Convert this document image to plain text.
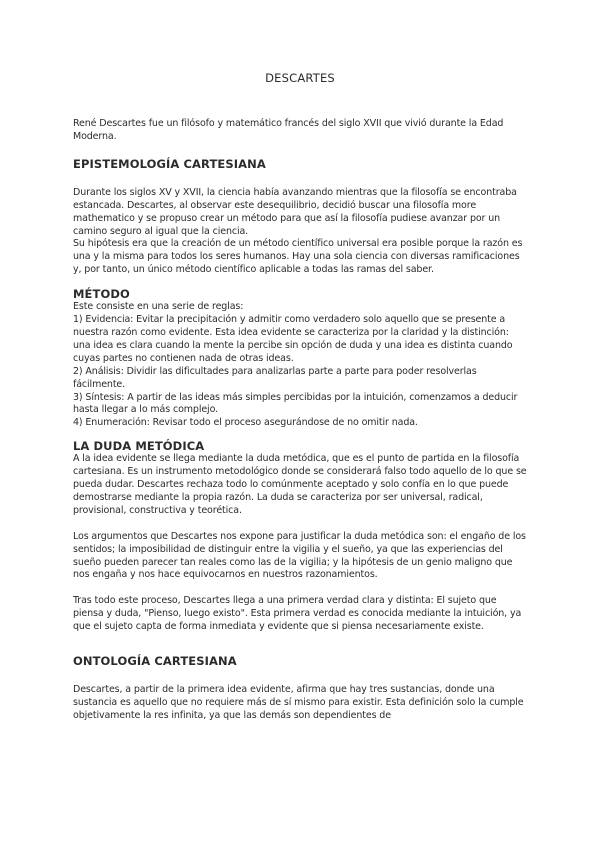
DESCARTES

René Descartes fue un filósofo y matemático francés del siglo XVII que vivió durante la Edad Moderna.

EPISTEMOLOGÍA CARTESIANA

Durante los siglos XV y XVII, la ciencia había avanzando mientras que la filosofía se encontraba estancada. Descartes, al observar este desequilibrio, decidió buscar una filosofía more mathematico y se propuso crear un método para que así la filosofía pudiese avanzar por un camino seguro al igual que la ciencia.

Su hipótesis era que la creación de un método científico universal era posible porque la razón es una y la misma para todos los seres humanos. Hay una sola ciencia con diversas ramificaciones y, por tanto, un único método científico aplicable a todas las ramas del saber.

MÉTODO

Este consiste en una serie de reglas:

1) Evidencia: Evitar la precipitación y admitir como verdadero solo aquello que se presente a nuestra razón como evidente. Esta idea evidente se caracteriza por la claridad y la distinción: una idea es clara cuando la mente la percibe sin opción de duda y una idea es distinta cuando cuyas partes no contienen nada de otras ideas.

2) Análisis: Dividir las dificultades para analizarlas parte a parte para poder resolverlas fácilmente.

3) Síntesis: A partir de las ideas más simples percibidas por la intuición, comenzamos a deducir hasta llegar a lo más complejo.

4) Enumeración: Revisar todo el proceso asegurándose de no omitir nada.

LA DUDA METÓDICA

A la idea evidente se llega mediante la duda metódica, que es el punto de partida en la filosofía cartesiana. Es un instrumento metodológico donde se considerará falso todo aquello de lo que se pueda dudar. Descartes rechaza todo lo comúnmente aceptado y solo confía en lo que puede demostrarse mediante la propia razón. La duda se caracteriza por ser universal, radical, provisional, constructiva y teorética.

Los argumentos que Descartes nos expone para justificar la duda metódica son: el engaño de los sentidos; la imposibilidad de distinguir entre la vigilia y el sueño, ya que las experiencias del sueño pueden parecer tan reales como las de la vigilia; y la hipótesis de un genio maligno que nos engaña y nos hace equivocarnos en nuestros razonamientos.

Tras todo este proceso, Descartes llega a una primera verdad clara y distinta: El sujeto que piensa y duda, "Pienso, luego existo". Esta primera verdad es conocida mediante la intuición, ya que el sujeto capta de forma inmediata y evidente que si piensa necesariamente existe.

ONTOLOGÍA CARTESIANA

Descartes, a partir de la primera idea evidente, afirma que hay tres sustancias, donde una sustancia es aquello que no requiere más de sí mismo para existir. Esta definición solo la cumple objetivamente la res infinita, ya que las demás son dependientes de
